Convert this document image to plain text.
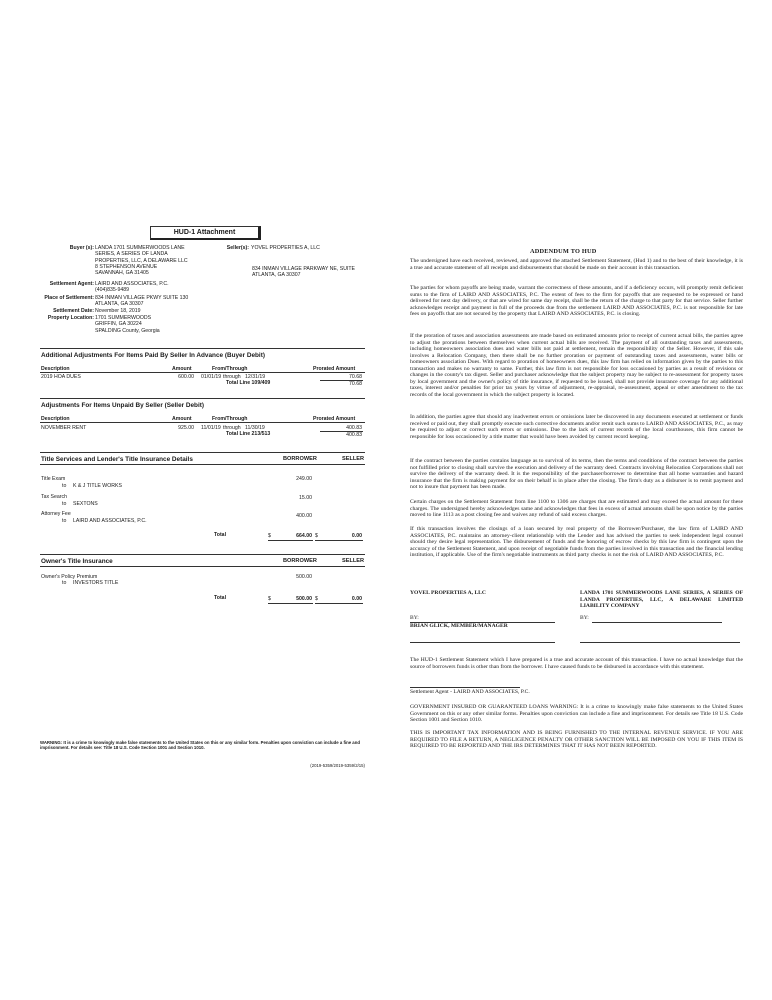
HUD-1 Attachment
Buyer (s): LANDA 1701 SUMMERWOODS LANE
SERIES, A SERIES OF LANDA
PROPERTIES, LLC, A DELAWARE LLC
8 STEPHENSON AVENUE
SAVANNAH, GA 31405
Seller(s): YOVEL PROPERTIES A, LLC
834 INMAN VILLAGE PARKWAY NE, SUITE
ATLANTA, GA 30307
Settlement Agent: LAIRD AND ASSOCIATES, P.C.
(404)835-9489
Place of Settlement: 834 INMAN VILLAGE PKWY SUITE 130
ATLANTA, GA 30307
Settlement Date: November 18, 2019
Property Location: 1701 SUMMERWOODS
GRIFFIN, GA 30224
SPALDING County, Georgia
Additional Adjustments For Items Paid By Seller In Advance (Buyer Debit)
Description	Amount	From/Through	Prorated Amount
2019 HOA DUES	600.00 01/01/19 through 12/31/19	70.68
Total Line 109/409	70.68
Adjustments For Items Unpaid By Seller (Seller Debit)
Description	Amount	From/Through	Prorated Amount
NOVEMBER RENT	925.00 11/01/19 through 11/30/19	400.83
Total Line 213/513	400.83
Title Services and Lender's Title Insurance Details	BORROWER	SELLER
Title Exam
to K & J TITLE WORKS
249.00
Tax Search
to SEXTONS
15.00
Attorney Fee
to LAIRD AND ASSOCIATES, P.C.
400.00
Total	$	664.00 $	0.00
Owner's Title Insurance	BORROWER	SELLER
Owner's Policy Premium
to INVESTORS TITLE
500.00
Total	$	500.00 $	0.00
WARNING: It is a crime to knowingly make false statements to the United States on this or any similar form. Penalties upon conviction can include a fine and imprisonment. For details see: Title 18 U.S. Code Section 1001 and Section 1010.
(2019-5359/2019-5359/2/15)
ADDENDUM TO HUD
The undersigned have each received, reviewed, and approved the attached Settlement Statement, (Hud 1) and to the best of their knowledge, it is a true and accurate statement of all receipts and disbursements that should be made on their account in this transaction.
The parties for whom payoffs are being made, warrant the correctness of these amounts, and if a deficiency occurs, will promptly remit deficient sums to the firm of LAIRD AND ASSOCIATES, P.C. The extent of fees to the firm for payoffs that are requested to be expressed or hand delivered for next day delivery, or that are wired for same day receipt, shall be the return of the charge to that party for that service. Seller further acknowledges receipt and payment in full of the proceeds due from the settlement LAIRD AND ASSOCIATES, P.C. is not responsible for late fees on payoffs that are not secured by the property that LAIRD AND ASSOCIATES, P.C. is closing.
If the proration of taxes and association assessments are made based on estimated amounts prior to receipt of current actual bills, the parties agree to adjust the prorations between themselves when current actual bills are received. The payment of all outstanding taxes and assessments, including homeowners association dues and water bills not paid at settlement, remain the responsibility of the Seller. However, if this sale involves a Relocation Company, then there shall be no further proration or payment of outstanding taxes and assessments, water bills or homeowners association Dues. With regard to proration of homeowners dues, this law firm has relied on information given by the parties to this transaction and makes no warranty to same. Further, this law firm is not responsible for loss occasioned by parties as a result of revisions or changes in the county's tax digest. Seller and purchaser acknowledge that the subject property may be subject to re-assessment for property taxes by local government and the owner's policy of title insurance, if requested to be issued, shall not provide insurance coverage for any additional taxes, interest and/or penalties for prior tax years by virtue of adjustment, re-appraisal, re-assessment, appeal or other amendment to the tax records of the local government in which the subject property is located.
In addition, the parties agree that should any inadvertent errors or omissions later be discovered in any documents executed at settlement or funds received or paid out, they shall promptly execute such corrective documents and/or remit such sums to LAIRD AND ASSOCIATES, P.C., as may be required to adjust or correct such errors or omissions. Due to the lack of current records of the local courthouses, this firm cannot be responsible for loss occasioned by a title matter that would have been avoided by current record keeping.
If the contract between the parties contains language as to survival of its terms, then the terms and conditions of the contract between the parties not fulfilled prior to closing shall survive the execution and delivery of the warranty deed. Contracts involving Relocation Corporations shall not survive the delivery of the warranty deed. It is the responsibility of the purchaser/borrower to determine that all home warranties and hazard insurance that the firm is making payment for on their behalf is in place after the closing. The firm's duty as a disburser is to remit payment and not to insure that payment has been made.
Certain charges on the Settlement Statement from line 1100 to 1306 are charges that are estimated and may exceed the actual amount for these charges. The undersigned hereby acknowledges same and acknowledges that fees in excess of actual amounts shall be upon notice by the parties moved to line 1113 as a post closing fee and waives any refund of said excess charges.
If this transaction involves the closings of a loan secured by real property of the Borrower/Purchaser, the law firm of LAIRD AND ASSOCIATES, P.C. maintains an attorney-client relationship with the Lender and has advised the parties to seek independent legal counsel should they desire legal representation. The disbursement of funds and the honoring of escrow checks by this law firm is contingent upon the accuracy of the Settlement Statement, and upon receipt of negotiable funds from the parties involved in this transaction and the financial lending institution, if applicable. Use of the firm's negotiable instruments as third party checks is not the risk of LAIRD AND ASSOCIATES, P.C.
YOVEL PROPERTIES A, LLC	LANDA 1701 SUMMERWOODS LANE SERIES, A SERIES OF LANDA PROPERTIES, LLC, A DELAWARE LIMITED LIABILITY COMPANY
BY:
BRIAN GLICK, MEMBER/MANAGER
BY:
The HUD-1 Settlement Statement which I have prepared is a true and accurate account of this transaction. I have no actual knowledge that the source of borrowers funds is other than from the borrower. I have caused funds to be disbursed in accordance with this statement.
Settlement Agent - LAIRD AND ASSOCIATES, P.C.
GOVERNMENT INSURED OR GUARANTEED LOANS WARNING: It is a crime to knowingly make false statements to the United States Government on this or any other similar forms. Penalties upon conviction can include a fine and imprisonment. For details see Title 18 U.S. Code Section 1001 and Section 1010.
THIS IS IMPORTANT TAX INFORMATION AND IS BEING FURNISHED TO THE INTERNAL REVENUE SERVICE. IF YOU ARE REQUIRED TO FILE A RETURN, A NEGLIGENCE PENALTY OR OTHER SANCTION WILL BE IMPOSED ON YOU IF THIS ITEM IS REQUIRED TO BE REPORTED AND THE IRS DETERMINES THAT IT HAS NOT BEEN REPORTED.
